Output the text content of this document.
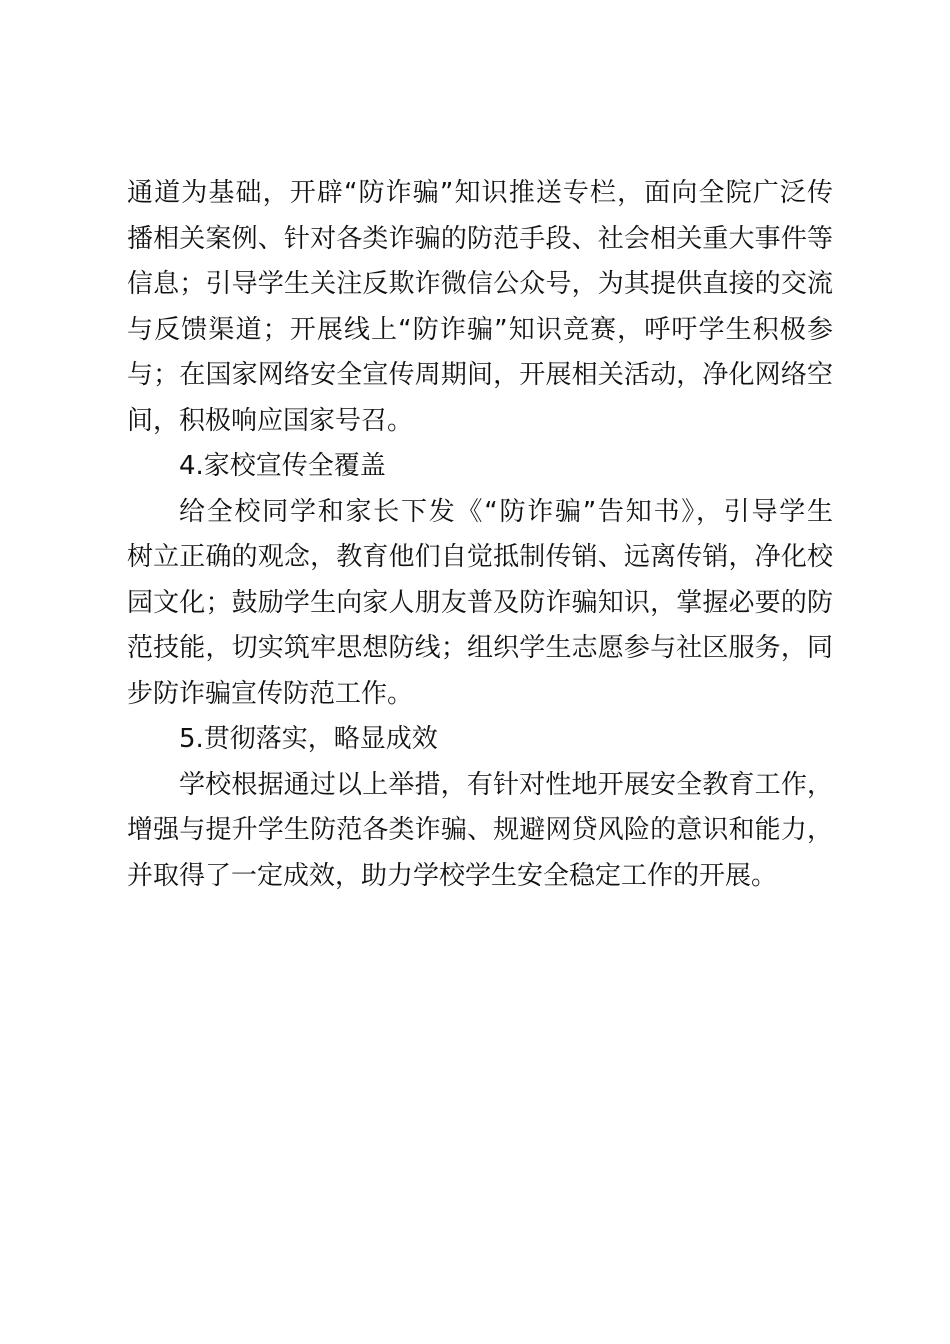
通道为基础，开辟“防诈骗”知识推送专栏，面向全院广泛传
播相关案例、针对各类诈骗的防范手段、社会相关重大事件等
信息；引导学生关注反欺诈微信公众号，为其提供直接的交流
与反馈渠道；开展线上“防诈骗”知识竞赛，呼吁学生积极参
与；在国家网络安全宣传周期间，开展相关活动，净化网络空
间，积极响应国家号召。
4.家校宣传全覆盖
给全校同学和家长下发《“防诈骗”告知书》，引导学生
树立正确的观念，教育他们自觉抵制传销、远离传销，净化校
园文化；鼓励学生向家人朋友普及防诈骗知识，掌握必要的防
范技能，切实筑牢思想防线；组织学生志愿参与社区服务，同
步防诈骗宣传防范工作。
5.贯彻落实，略显成效
学校根据通过以上举措，有针对性地开展安全教育工作，
增强与提升学生防范各类诈骗、规避网贷风险的意识和能力，
并取得了一定成效，助力学校学生安全稳定工作的开展。
